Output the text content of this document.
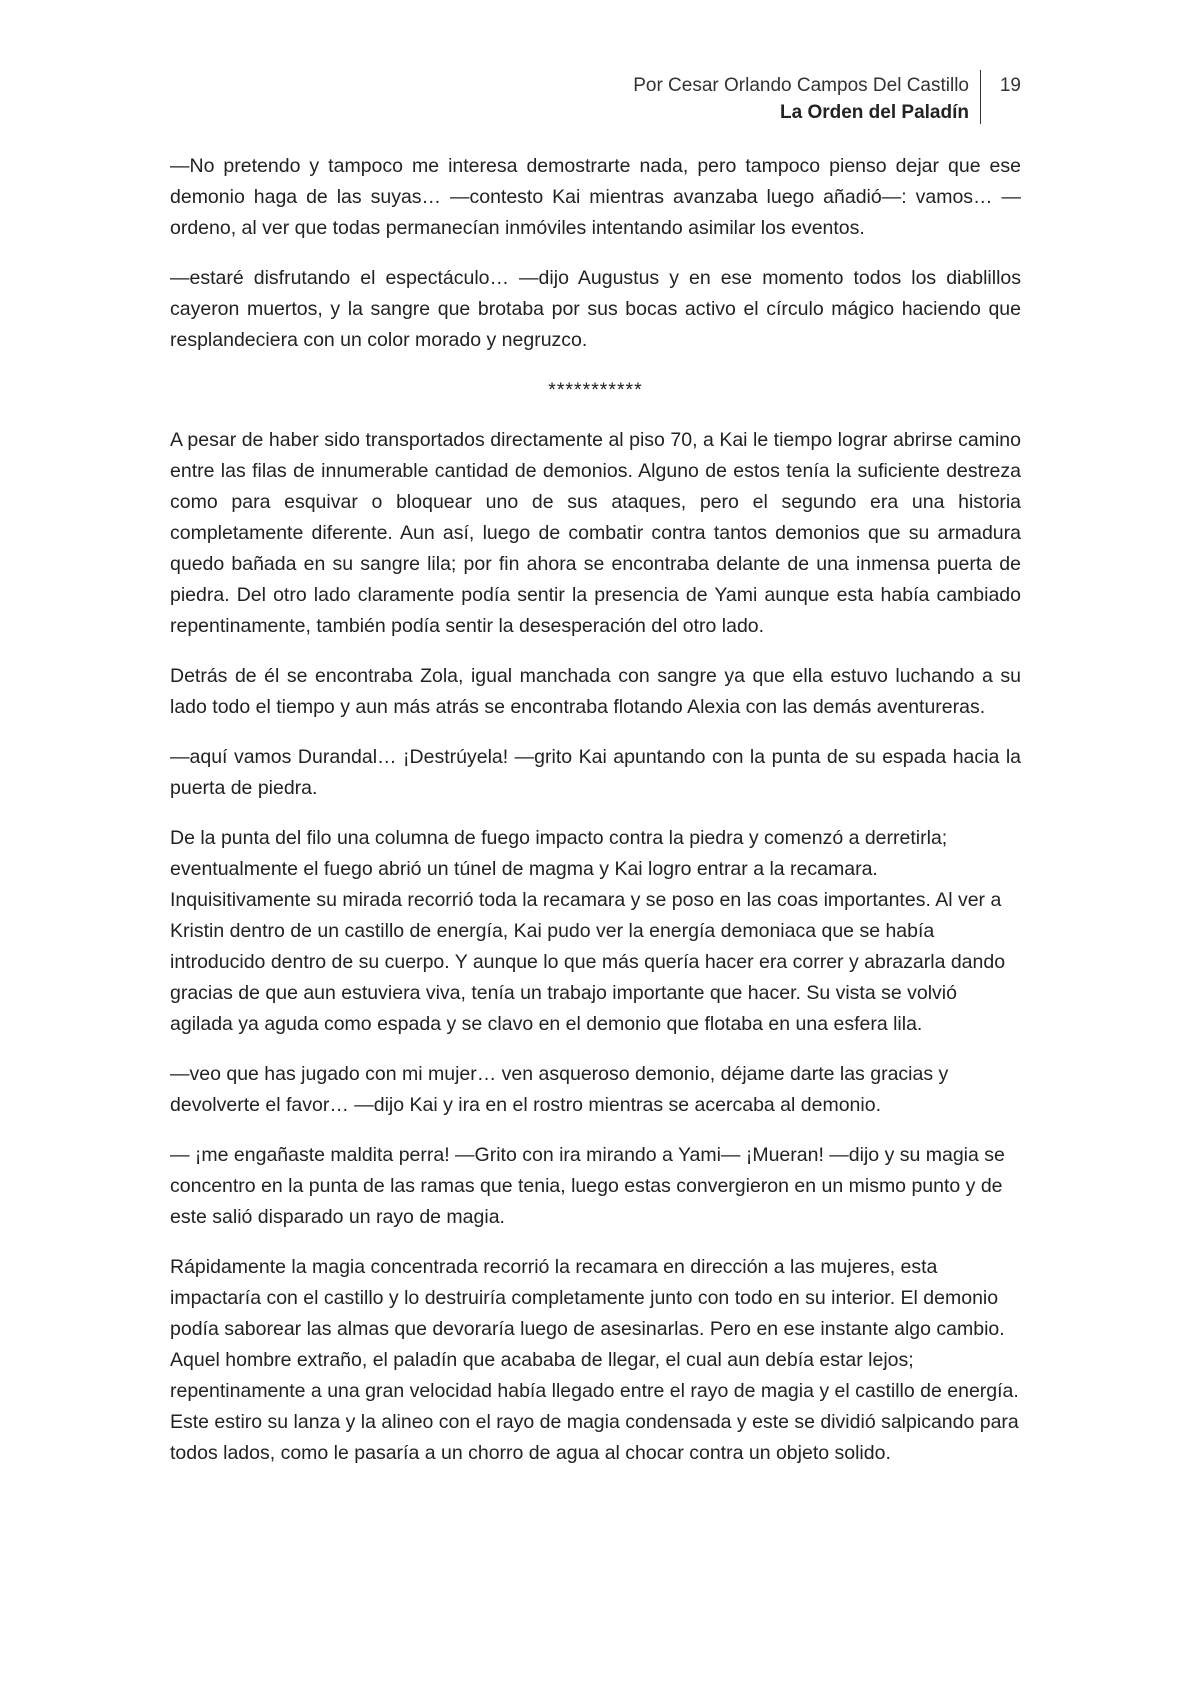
Por Cesar Orlando Campos Del Castillo
La Orden del Paladín
19

—No pretendo y tampoco me interesa demostrarte nada, pero tampoco pienso dejar que ese demonio haga de las suyas… —contesto Kai mientras avanzaba luego añadió—: vamos… —ordeno, al ver que todas permanecían inmóviles intentando asimilar los eventos.

—estaré disfrutando el espectáculo… —dijo Augustus y en ese momento todos los diablillos cayeron muertos, y la sangre que brotaba por sus bocas activo el círculo mágico haciendo que resplandeciera con un color morado y negruzco.

***********

A pesar de haber sido transportados directamente al piso 70, a Kai le tiempo lograr abrirse camino entre las filas de innumerable cantidad de demonios. Alguno de estos tenía la suficiente destreza como para esquivar o bloquear uno de sus ataques, pero el segundo era una historia completamente diferente. Aun así, luego de combatir contra tantos demonios que su armadura quedo bañada en su sangre lila; por fin ahora se encontraba delante de una inmensa puerta de piedra. Del otro lado claramente podía sentir la presencia de Yami aunque esta había cambiado repentinamente, también podía sentir la desesperación del otro lado.

Detrás de él se encontraba Zola, igual manchada con sangre ya que ella estuvo luchando a su lado todo el tiempo y aun más atrás se encontraba flotando Alexia con las demás aventureras.

—aquí vamos Durandal… ¡Destrúyela! —grito Kai apuntando con la punta de su espada hacia la puerta de piedra.

De la punta del filo una columna de fuego impacto contra la piedra y comenzó a derretirla; eventualmente el fuego abrió un túnel de magma y Kai logro entrar a la recamara. Inquisitivamente su mirada recorrió toda la recamara y se poso en las coas importantes. Al ver a Kristin dentro de un castillo de energía, Kai pudo ver la energía demoniaca que se había introducido dentro de su cuerpo. Y aunque lo que más quería hacer era correr y abrazarla dando gracias de que aun estuviera viva, tenía un trabajo importante que hacer. Su vista se volvió agilada ya aguda como espada y se clavo en el demonio que flotaba en una esfera lila.

—veo que has jugado con mi mujer… ven asqueroso demonio, déjame darte las gracias y devolverte el favor… —dijo Kai y ira en el rostro mientras se acercaba al demonio.

— ¡me engañaste maldita perra! —Grito con ira mirando a Yami— ¡Mueran! —dijo y su magia se concentro en la punta de las ramas que tenia, luego estas convergieron en un mismo punto y de este salió disparado un rayo de magia.

Rápidamente la magia concentrada recorrió la recamara en dirección a las mujeres, esta impactaría con el castillo y lo destruiría completamente junto con todo en su interior. El demonio podía saborear las almas que devoraría luego de asesinarlas. Pero en ese instante algo cambio. Aquel hombre extraño, el paladín que acababa de llegar, el cual aun debía estar lejos; repentinamente a una gran velocidad había llegado entre el rayo de magia y el castillo de energía. Este estiro su lanza y la alineo con el rayo de magia condensada y este se dividió salpicando para todos lados, como le pasaría a un chorro de agua al chocar contra un objeto solido.
